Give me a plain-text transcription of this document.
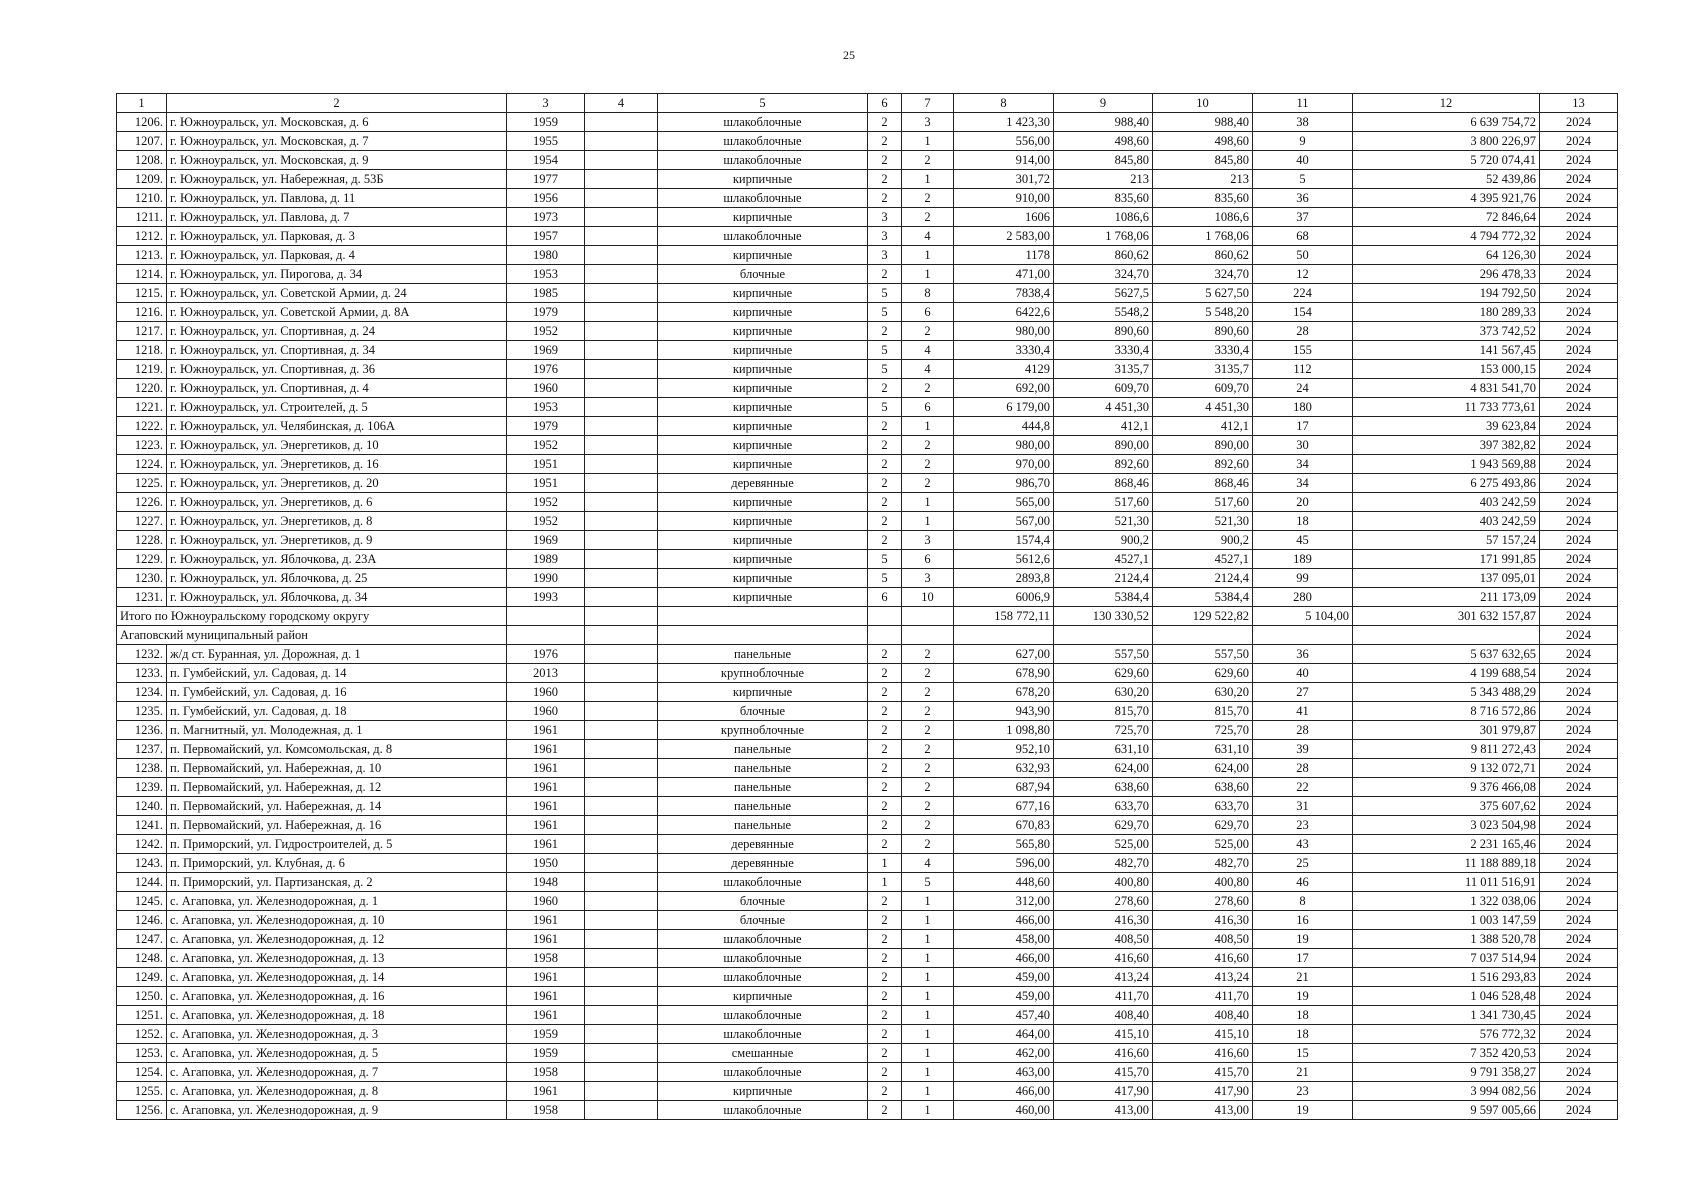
25
1	2	3	4	5	6	7	8	9	10	11	12	13
1206.	г. Южноуральск, ул. Московская, д. 6	1959		шлакоблочные	2	3	1 423,30	988,40	988,40	38	6 639 754,72	2024
1207.	г. Южноуральск, ул. Московская, д. 7	1955		шлакоблочные	2	1	556,00	498,60	498,60	9	3 800 226,97	2024
1208.	г. Южноуральск, ул. Московская, д. 9	1954		шлакоблочные	2	2	914,00	845,80	845,80	40	5 720 074,41	2024
1209.	г. Южноуральск, ул. Набережная, д. 53Б	1977		кирпичные	2	1	301,72	213	213	5	52 439,86	2024
1210.	г. Южноуральск, ул. Павлова, д. 11	1956		шлакоблочные	2	2	910,00	835,60	835,60	36	4 395 921,76	2024
1211.	г. Южноуральск, ул. Павлова, д. 7	1973		кирпичные	3	2	1606	1086,6	1086,6	37	72 846,64	2024
1212.	г. Южноуральск, ул. Парковая, д. 3	1957		шлакоблочные	3	4	2 583,00	1 768,06	1 768,06	68	4 794 772,32	2024
1213.	г. Южноуральск, ул. Парковая, д. 4	1980		кирпичные	3	1	1178	860,62	860,62	50	64 126,30	2024
1214.	г. Южноуральск, ул. Пирогова, д. 34	1953		блочные	2	1	471,00	324,70	324,70	12	296 478,33	2024
1215.	г. Южноуральск, ул. Советской Армии, д. 24	1985		кирпичные	5	8	7838,4	5627,5	5 627,50	224	194 792,50	2024
1216.	г. Южноуральск, ул. Советской Армии, д. 8А	1979		кирпичные	5	6	6422,6	5548,2	5 548,20	154	180 289,33	2024
1217.	г. Южноуральск, ул. Спортивная, д. 24	1952		кирпичные	2	2	980,00	890,60	890,60	28	373 742,52	2024
1218.	г. Южноуральск, ул. Спортивная, д. 34	1969		кирпичные	5	4	3330,4	3330,4	3330,4	155	141 567,45	2024
1219.	г. Южноуральск, ул. Спортивная, д. 36	1976		кирпичные	5	4	4129	3135,7	3135,7	112	153 000,15	2024
1220.	г. Южноуральск, ул. Спортивная, д. 4	1960		кирпичные	2	2	692,00	609,70	609,70	24	4 831 541,70	2024
1221.	г. Южноуральск, ул. Строителей, д. 5	1953		кирпичные	5	6	6 179,00	4 451,30	4 451,30	180	11 733 773,61	2024
1222.	г. Южноуральск, ул. Челябинская, д. 106А	1979		кирпичные	2	1	444,8	412,1	412,1	17	39 623,84	2024
1223.	г. Южноуральск, ул. Энергетиков, д. 10	1952		кирпичные	2	2	980,00	890,00	890,00	30	397 382,82	2024
1224.	г. Южноуральск, ул. Энергетиков, д. 16	1951		кирпичные	2	2	970,00	892,60	892,60	34	1 943 569,88	2024
1225.	г. Южноуральск, ул. Энергетиков, д. 20	1951		деревянные	2	2	986,70	868,46	868,46	34	6 275 493,86	2024
1226.	г. Южноуральск, ул. Энергетиков, д. 6	1952		кирпичные	2	1	565,00	517,60	517,60	20	403 242,59	2024
1227.	г. Южноуральск, ул. Энергетиков, д. 8	1952		кирпичные	2	1	567,00	521,30	521,30	18	403 242,59	2024
1228.	г. Южноуральск, ул. Энергетиков, д. 9	1969		кирпичные	2	3	1574,4	900,2	900,2	45	57 157,24	2024
1229.	г. Южноуральск, ул. Яблочкова, д. 23А	1989		кирпичные	5	6	5612,6	4527,1	4527,1	189	171 991,85	2024
1230.	г. Южноуральск, ул. Яблочкова, д. 25	1990		кирпичные	5	3	2893,8	2124,4	2124,4	99	137 095,01	2024
1231.	г. Южноуральск, ул. Яблочкова, д. 34	1993		кирпичные	6	10	6006,9	5384,4	5384,4	280	211 173,09	2024
Итого по Южноуральскому городскому округу							158 772,11	130 330,52	129 522,82	5 104,00	301 632 157,87	2024
Агаповский муниципальный район												2024
1232.	ж/д ст. Буранная, ул. Дорожная, д. 1	1976		панельные	2	2	627,00	557,50	557,50	36	5 637 632,65	2024
1233.	п. Гумбейский, ул. Садовая, д. 14	2013		крупноблочные	2	2	678,90	629,60	629,60	40	4 199 688,54	2024
1234.	п. Гумбейский, ул. Садовая, д. 16	1960		кирпичные	2	2	678,20	630,20	630,20	27	5 343 488,29	2024
1235.	п. Гумбейский, ул. Садовая, д. 18	1960		блочные	2	2	943,90	815,70	815,70	41	8 716 572,86	2024
1236.	п. Магнитный, ул. Молодежная, д. 1	1961		крупноблочные	2	2	1 098,80	725,70	725,70	28	301 979,87	2024
1237.	п. Первомайский, ул. Комсомольская, д. 8	1961		панельные	2	2	952,10	631,10	631,10	39	9 811 272,43	2024
1238.	п. Первомайский, ул. Набережная, д. 10	1961		панельные	2	2	632,93	624,00	624,00	28	9 132 072,71	2024
1239.	п. Первомайский, ул. Набережная, д. 12	1961		панельные	2	2	687,94	638,60	638,60	22	9 376 466,08	2024
1240.	п. Первомайский, ул. Набережная, д. 14	1961		панельные	2	2	677,16	633,70	633,70	31	375 607,62	2024
1241.	п. Первомайский, ул. Набережная, д. 16	1961		панельные	2	2	670,83	629,70	629,70	23	3 023 504,98	2024
1242.	п. Приморский, ул. Гидростроителей, д. 5	1961		деревянные	2	2	565,80	525,00	525,00	43	2 231 165,46	2024
1243.	п. Приморский, ул. Клубная, д. 6	1950		деревянные	1	4	596,00	482,70	482,70	25	11 188 889,18	2024
1244.	п. Приморский, ул. Партизанская, д. 2	1948		шлакоблочные	1	5	448,60	400,80	400,80	46	11 011 516,91	2024
1245.	с. Агаповка, ул. Железнодорожная, д. 1	1960		блочные	2	1	312,00	278,60	278,60	8	1 322 038,06	2024
1246.	с. Агаповка, ул. Железнодорожная, д. 10	1961		блочные	2	1	466,00	416,30	416,30	16	1 003 147,59	2024
1247.	с. Агаповка, ул. Железнодорожная, д. 12	1961		шлакоблочные	2	1	458,00	408,50	408,50	19	1 388 520,78	2024
1248.	с. Агаповка, ул. Железнодорожная, д. 13	1958		шлакоблочные	2	1	466,00	416,60	416,60	17	7 037 514,94	2024
1249.	с. Агаповка, ул. Железнодорожная, д. 14	1961		шлакоблочные	2	1	459,00	413,24	413,24	21	1 516 293,83	2024
1250.	с. Агаповка, ул. Железнодорожная, д. 16	1961		кирпичные	2	1	459,00	411,70	411,70	19	1 046 528,48	2024
1251.	с. Агаповка, ул. Железнодорожная, д. 18	1961		шлакоблочные	2	1	457,40	408,40	408,40	18	1 341 730,45	2024
1252.	с. Агаповка, ул. Железнодорожная, д. 3	1959		шлакоблочные	2	1	464,00	415,10	415,10	18	576 772,32	2024
1253.	с. Агаповка, ул. Железнодорожная, д. 5	1959		смешанные	2	1	462,00	416,60	416,60	15	7 352 420,53	2024
1254.	с. Агаповка, ул. Железнодорожная, д. 7	1958		шлакоблочные	2	1	463,00	415,70	415,70	21	9 791 358,27	2024
1255.	с. Агаповка, ул. Железнодорожная, д. 8	1961		кирпичные	2	1	466,00	417,90	417,90	23	3 994 082,56	2024
1256.	с. Агаповка, ул. Железнодорожная, д. 9	1958		шлакоблочные	2	1	460,00	413,00	413,00	19	9 597 005,66	2024
